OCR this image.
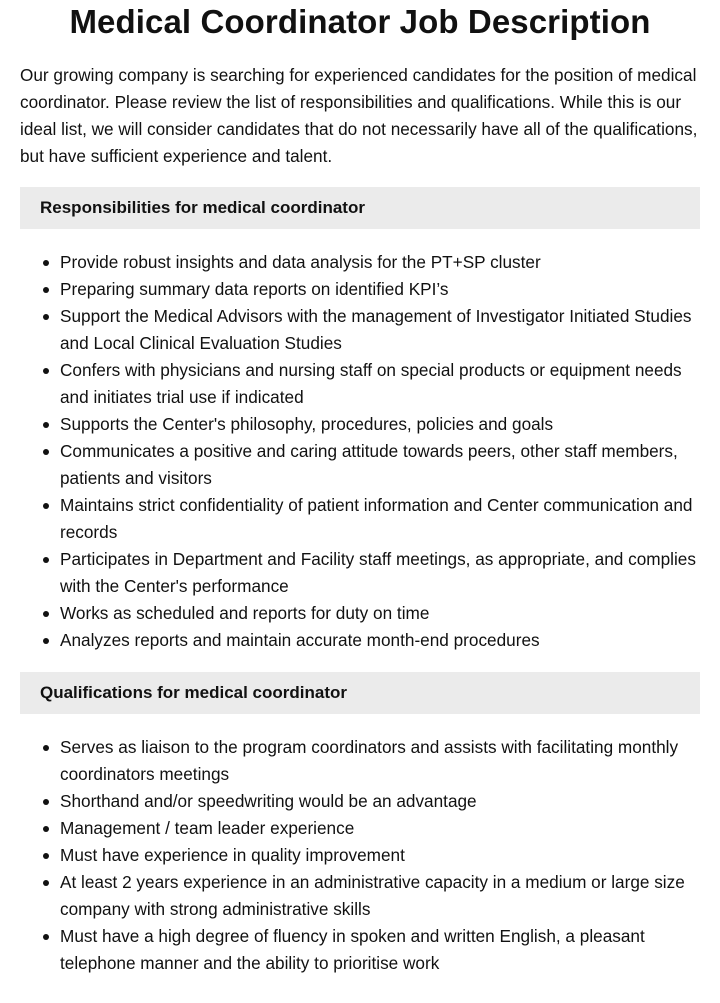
Medical Coordinator Job Description

Our growing company is searching for experienced candidates for the position of medical coordinator. Please review the list of responsibilities and qualifications. While this is our ideal list, we will consider candidates that do not necessarily have all of the qualifications, but have sufficient experience and talent.

Responsibilities for medical coordinator
Provide robust insights and data analysis for the PT+SP cluster
Preparing summary data reports on identified KPI’s
Support the Medical Advisors with the management of Investigator Initiated Studies and Local Clinical Evaluation Studies
Confers with physicians and nursing staff on special products or equipment needs and initiates trial use if indicated
Supports the Center's philosophy, procedures, policies and goals
Communicates a positive and caring attitude towards peers, other staff members, patients and visitors
Maintains strict confidentiality of patient information and Center communication and records
Participates in Department and Facility staff meetings, as appropriate, and complies with the Center's performance
Works as scheduled and reports for duty on time
Analyzes reports and maintain accurate month-end procedures
Qualifications for medical coordinator
Serves as liaison to the program coordinators and assists with facilitating monthly coordinators meetings
Shorthand and/or speedwriting would be an advantage
Management / team leader experience
Must have experience in quality improvement
At least 2 years experience in an administrative capacity in a medium or large size company with strong administrative skills
Must have a high degree of fluency in spoken and written English, a pleasant telephone manner and the ability to prioritise work
